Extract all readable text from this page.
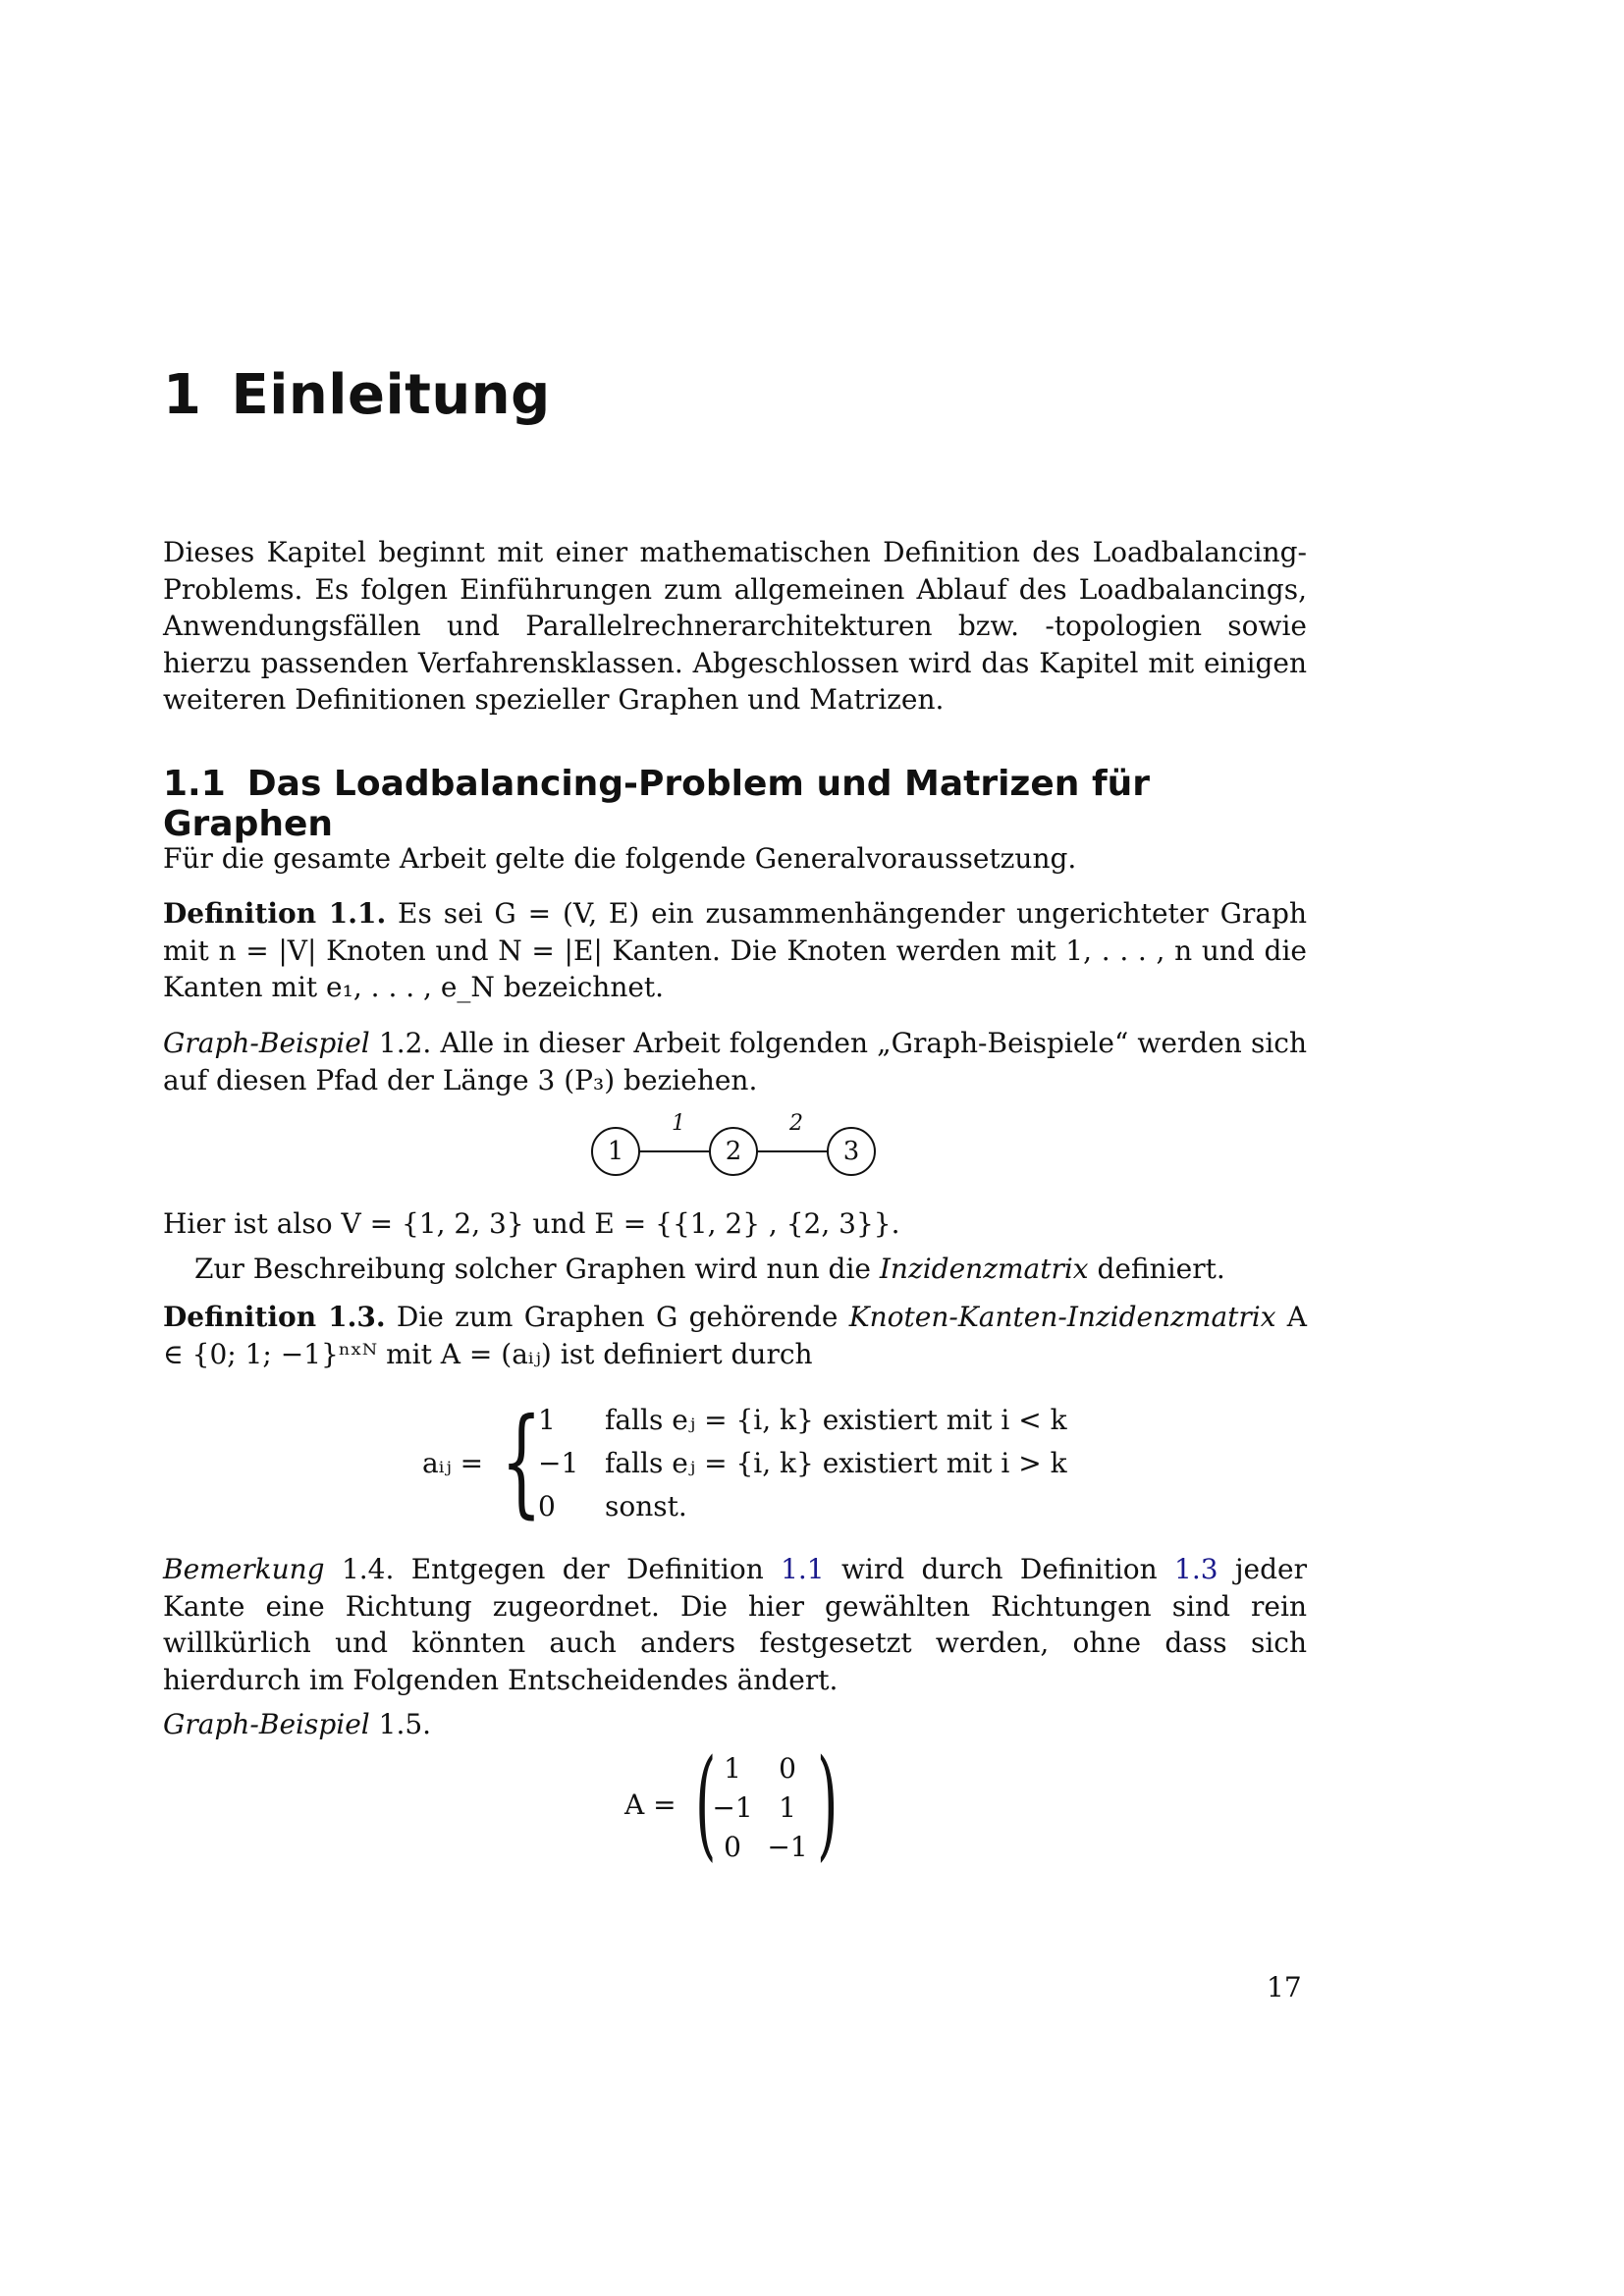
1 Einleitung

Dieses Kapitel beginnt mit einer mathematischen Definition des Loadbalancing-Problems. Es folgen Einführungen zum allgemeinen Ablauf des Loadbalancings, Anwendungsfällen und Parallelrechnerarchitekturen bzw. -topologien sowie hierzu passenden Verfahrensklassen. Abgeschlossen wird das Kapitel mit einigen weiteren Definitionen spezieller Graphen und Matrizen.

1.1 Das Loadbalancing-Problem und Matrizen für Graphen

Für die gesamte Arbeit gelte die folgende Generalvoraussetzung.

Definition 1.1. Es sei G = (V, E) ein zusammenhängender ungerichteter Graph mit n = |V| Knoten und N = |E| Kanten. Die Knoten werden mit 1, . . . , n und die Kanten mit e₁, . . . , e_N bezeichnet.

Graph-Beispiel 1.2. Alle in dieser Arbeit folgenden „Graph-Beispiele“ werden sich auf diesen Pfad der Länge 3 (P₃) beziehen.

1	2
1	2	3

Hier ist also V = {1, 2, 3} und E = {{1, 2} , {2, 3}}.

Zur Beschreibung solcher Graphen wird nun die Inzidenzmatrix definiert.

Definition 1.3. Die zum Graphen G gehörende Knoten-Kanten-Inzidenzmatrix A ∈ {0; 1; −1}ⁿˣᴺ mit A = (aᵢⱼ) ist definiert durch

aᵢⱼ = {
1 falls eⱼ = {i, k} existiert mit i < k
−1 falls eⱼ = {i, k} existiert mit i > k
0 sonst.

Bemerkung 1.4. Entgegen der Definition 1.1 wird durch Definition 1.3 jeder Kante eine Richtung zugeordnet. Die hier gewählten Richtungen sind rein willkürlich und könnten auch anders festgesetzt werden, ohne dass sich hierdurch im Folgenden Entscheidendes ändert.

Graph-Beispiel 1.5.

A = ( )
1	0
−1 1
0 −1
17
